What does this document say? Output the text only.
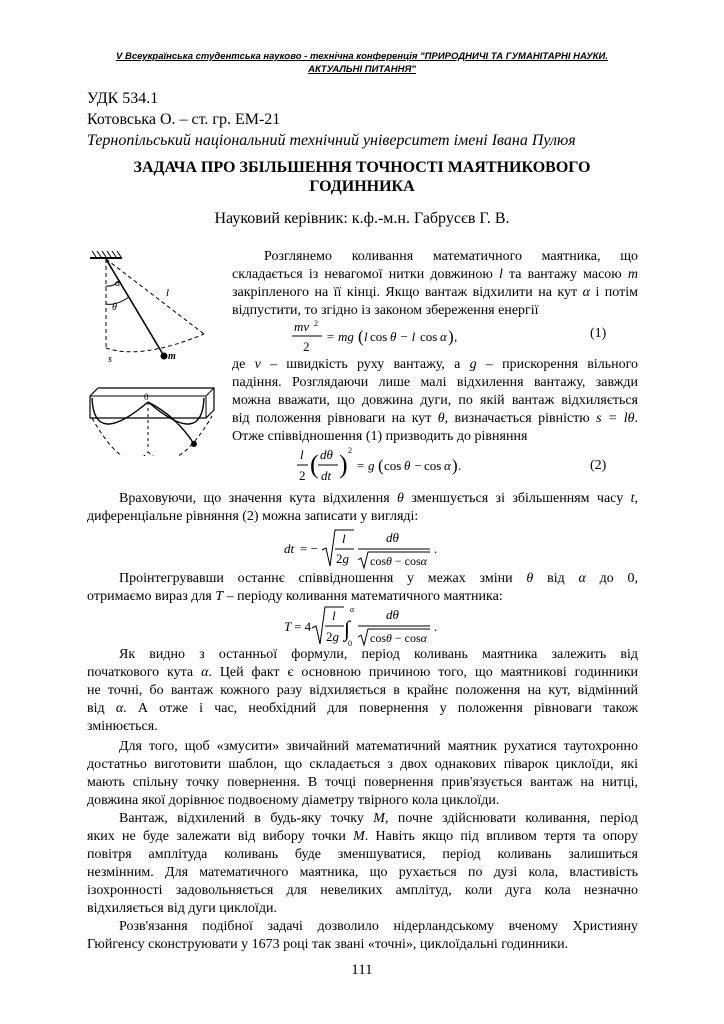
V Всеукраїнська студентська науково - технічна конференція "ПРИРОДНИЧІ ТА ГУМАНІТАРНІ НАУКИ.
АКТУАЛЬНІ ПИТАННЯ"
УДК 534.1
Котовська О. – ст. гр. ЕМ-21
Тернопільський національний технічний університет імені Івана Пулюя
ЗАДАЧА ПРО ЗБІЛЬШЕННЯ ТОЧНОСТІ МАЯТНИКОВОГО
ГОДИННИКА
Науковий керівник: к.ф.-м.н. Габрусєв Г. В.
α
θ
l
m
s
0
Розглянемо коливання математичного маятника, що
складається із невагомої нитки довжиною l та вантажу масою m
закріпленого на її кінці. Якщо вантаж відхилити на кут α і потім
відпустити, то згідно із законом збереження енергії
mv 2
2
= mg ( l cos θ − l cos α ) ,	(1)
де v – швидкість руху вантажу, а g – прискорення вільного
падіння. Розглядаючи лише малі відхилення вантажу, завжди
можна вважати, що довжина дуги, по якій вантаж відхиляється
від положення рівноваги на кут θ, визначається рівністю s = lθ.
Отже співвідношення (1) призводить до рівняння
l
2 ( dθ
dt ) 2
= g ( cos θ − cos α ) .	(2)
Враховуючи, що значення кута відхилення θ зменшується зі збільшенням часу t,
диференціальне рівняння (2) можна записати у вигляді:
dt = −
l
2g
dθ
cosθ − cosα
.
Проінтегрувавши останнє співвідношення у межах зміни θ від α до 0,
отримаємо вираз для T – періоду коливання математичного маятника:
T = 4
l
2g ∫
α
0
dθ
cosθ − cosα
.
Як видно з останньої формули, період коливань маятника залежить від
початкового кута α. Цей факт є основною причиною того, що маятникові годинники
не точні, бо вантаж кожного разу відхиляється в крайнє положення на кут, відмінний
від α. А отже і час, необхідний для повернення у положення рівноваги також
змінюється.
Для того, щоб «змусити» звичайний математичний маятник рухатися таутохронно
достатньо виготовити шаблон, що складається з двох однакових піварок циклоїди, які
мають спільну точку повернення. В точці повернення прив'язується вантаж на нитці,
довжина якої дорівнює подвоєному діаметру твірного кола циклоїди.
Вантаж, відхилений в будь-яку точку M, почне здійснювати коливання, період
яких не буде залежати від вибору точки M. Навіть якщо під впливом тертя та опору
повітря амплітуда коливань буде зменшуватися, період коливань залишиться
незмінним. Для математичного маятника, що рухається по дузі кола, властивість
ізохронності задовольняється для невеликих амплітуд, коли дуга кола незначно
відхиляється від дуги циклоїди.
Розв'язання подібної задачі дозволило нідерландському вченому Християну
Гюйгенсу сконструювати у 1673 році так звані «точні», циклоїдальні годинники.
111
